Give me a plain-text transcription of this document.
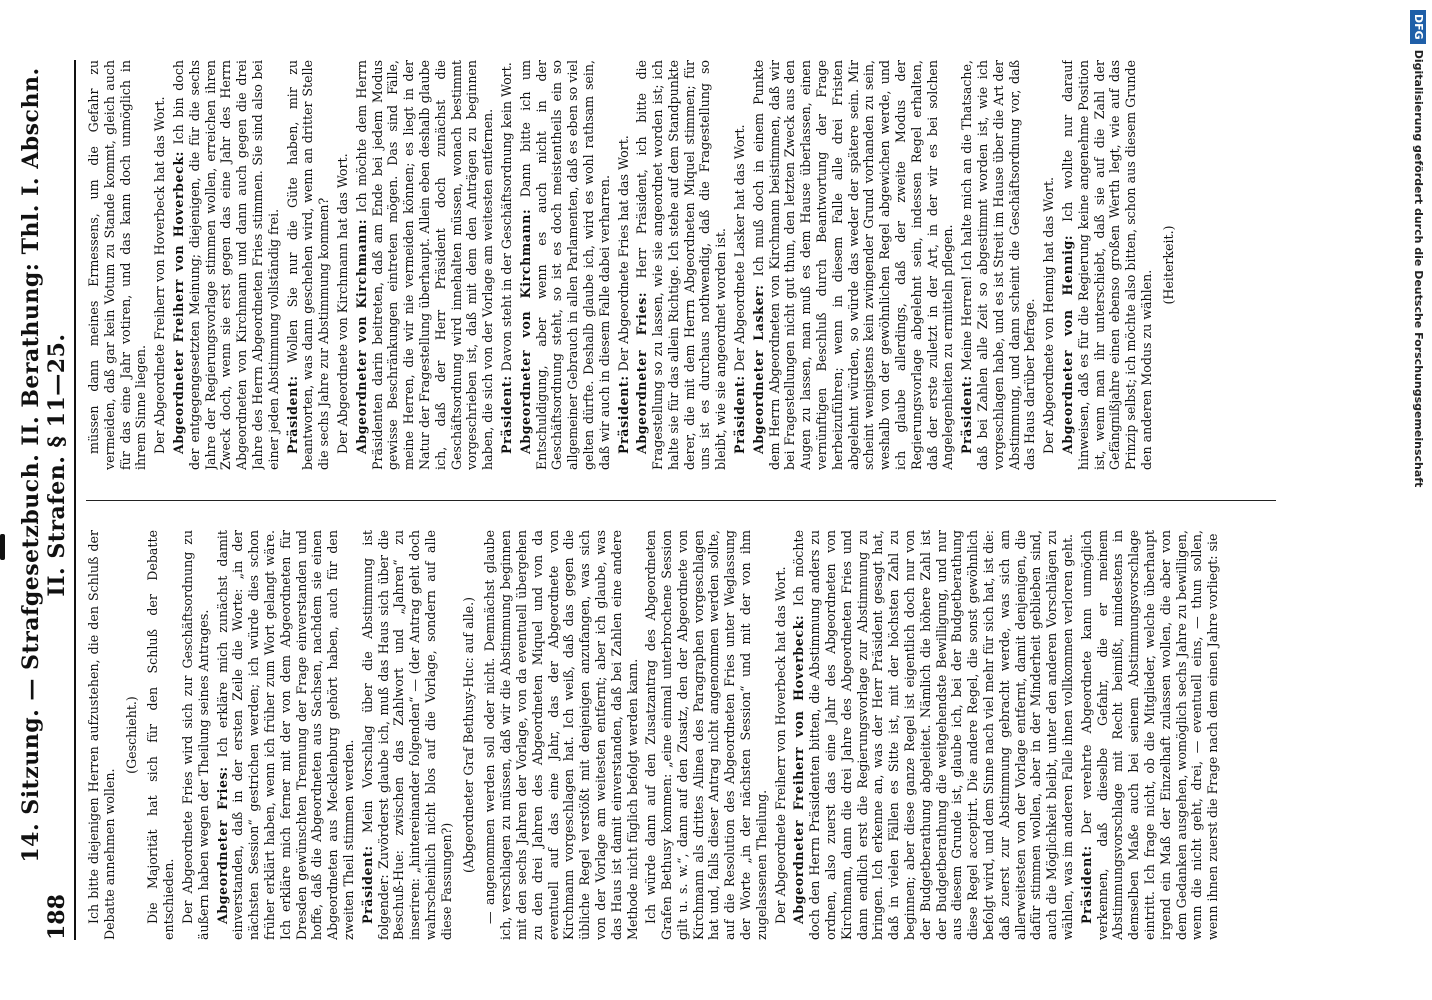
188
14. Sitzung. — Strafgesetzbuch. II. Berathung: Thl. I. Abschn. II. Strafen. § 11—25.

Ich bitte diejenigen Herren aufzustehen, die den Schluß der Debatte annehmen wollen.

(Geschieht.) Die Majorität hat sich für den Schluß der Debatte entschieden. Der Abgeordnete Fries wird sich zur Geschäftsordnung zu äußern haben wegen der Theilung seines Antrages. Abgeordneter Fries: Ich erkläre mich zunächst damit einverstanden, daß in der ersten Zeile die Worte: „in der nächsten Session“ gestrichen werden; ich würde dies schon früher erklärt haben, wenn ich früher zum Wort gelangt wäre. Ich erkläre mich ferner mit der von dem Abgeordneten für Dresden gewünschten Trennung der Frage einverstanden und hoffe, daß die Abgeordneten aus Sachsen, nachdem sie einen Abgeordneten aus Mecklenburg gehört haben, auch für den zweiten Theil stimmen werden. Präsident: Mein Vorschlag über die Abstimmung ist folgender: Zuvörderst glaube ich, muß das Haus sich über die Beschuß-Hue: zwischen das Zahlwort und „Jahren“ zu inseriren: „hintereinander folgenden“ — (der Antrag geht doch wahrscheinlich nicht blos auf die Vorlage, sondern auf alle diese Fassungen?)

(Abgeordneter Graf Bethusy-Huc: auf alle.) — angenommen werden soll oder nicht. Demnächst glaube ich, verschlagen zu müssen, daß wir die Abstimmung beginnen mit den sechs Jahren der Vorlage, von da eventuell übergehen zu den drei Jahren des Abgeordneten Miquel und von da eventuell auf das eine Jahr, das der Abgeordnete von Kirchmann vorgeschlagen hat. Ich weiß, daß das gegen die übliche Regel verstößt mit denjenigen anzufangen, was sich von der Vorlage am weitesten entfernt; aber ich glaube, was das Haus ist damit einverstanden, daß bei Zahlen eine andere Methode nicht füglich befolgt werden kann. Ich würde dann auf den Zusatzantrag des Abgeordneten Grafen Bethusy kommen: „eine einmal unterbrochene Session gilt u. s. w.“, dann auf den Zusatz, den der Abgeordnete von Kirchmann als drittes Alinea des Paragraphen vorgeschlagen hat und, falls dieser Antrag nicht angenommen werden sollte, auf die Resolution des Abgeordneten Fries unter Weglassung der Worte „in der nächsten Session“ und mit der von ihm zugelassenen Theilung. Der Abgeordnete Freiherr von Hoverbeck hat das Wort. Abgeordneter Freiherr von Hoverbeck: Ich möchte doch den Herrn Präsidenten bitten, die Abstimmung anders zu ordnen, also zuerst das eine Jahr des Abgeordneten von Kirchmann, dann die drei Jahre des Abgeordneten Fries und dann endlich erst die Regierungsvorlage zur Abstimmung zu bringen. Ich erkenne an, was der Herr Präsident gesagt hat, daß in vielen Fällen es Sitte ist, mit der höchsten Zahl zu beginnen; aber diese ganze Regel ist eigentlich doch nur von der Budgetberathung abgeleitet. Nämlich die höhere Zahl ist der Budgetberathung die weitgehendste Bewilligung, und nur aus diesem Grunde ist, glaube ich, bei der Budgetberathung diese Regel acceptirt. Die andere Regel, die sonst gewöhnlich befolgt wird, und dem Sinne nach viel mehr für sich hat, ist die: daß zuerst zur Abstimmung gebracht werde, was sich am allerweitesten von der Vorlage entfernt, damit denjenigen, die dafür stimmen wollen, aber in der Minderheit geblieben sind, auch die Möglichkeit bleibt, unter den anderen Vorschlägen zu wählen, was im anderen Falle ihnen vollkommen verloren geht. Präsident: Der verehrte Abgeordnete kann unmöglich verkennen, daß dieselbe Gefahr, die er meinem Abstimmungsvorschlage mit Recht beimißt, mindestens in demselben Maße auch bei seinem Abstimmungsvorschlage eintritt. Ich frage nicht, ob die Mitglieder, welche überhaupt irgend ein Maß der Einzelhaft zulassen wollen, die aber von dem Gedanken ausgehen, womöglich sechs Jahre zu bewilligen, wenn die nicht geht, drei, — eventuell eins, — thun sollen, wenn ihnen zuerst die Frage nach dem einen Jahre vorliegt: sie

müssen dann meines Ermessens, um die Gefahr zu vermeiden, daß gar kein Votum zu Stande kommt, gleich auch für das eine Jahr votiren, und das kann doch unmöglich in ihrem Sinne liegen. Der Abgeordnete Freiherr von Hoverbeck hat das Wort. Abgeordneter Freiherr von Hoverbeck: Ich bin doch der entgegengesetzten Meinung; diejenigen, die für die sechs Jahre der Regierungsvorlage stimmen wollen, erreichen ihren Zweck doch, wenn sie erst gegen das eine Jahr des Herrn Abgeordneten von Kirchmann und dann auch gegen die drei Jahre des Herrn Abgeordneten Fries stimmen. Sie sind also bei einer jeden Abstimmung vollständig frei. Präsident: Wollen Sie nur die Güte haben, mir zu beantworten, was dann geschehen wird, wenn an dritter Stelle die sechs Jahre zur Abstimmung kommen? Der Abgeordnete von Kirchmann hat das Wort. Abgeordneter von Kirchmann: Ich möchte dem Herrn Präsidenten darin beitreten, daß am Ende bei jedem Modus gewisse Beschränkungen eintreten mögen. Das sind Fälle, meine Herren, die wir nie vermeiden können; es liegt in der Natur der Fragestellung überhaupt. Allein eben deshalb glaube ich, daß der Herr Präsident doch zunächst die Geschäftsordnung wird innehalten müssen, wonach bestimmt vorgeschrieben ist, daß mit dem den Anträgen zu beginnen haben, die sich von der Vorlage am weitesten entfernen. Präsident: Davon steht in der Geschäftsordnung kein Wort. Abgeordneter von Kirchmann: Dann bitte ich um Entschuldigung, aber wenn es auch nicht in der Geschäftsordnung steht, so ist es doch meistentheils ein so allgemeiner Gebrauch in allen Parlamenten, daß es eben so viel gelten dürfte. Deshalb glaube ich, wird es wohl rathsam sein, daß wir auch in diesem Falle dabei verharren. Präsident: Der Abgeordnete Fries hat das Wort.

Abgeordneter Fries: Herr Präsident, ich bitte die Fragestellung so zu lassen, wie sie angeordnet worden ist; ich halte sie für das allein Richtige. Ich stehe auf dem Standpunkte derer, die mit dem Herrn Abgeordneten Miquel stimmen; für uns ist es durchaus nothwendig, daß die Fragestellung so bleibt, wie sie angeordnet worden ist. Präsident: Der Abgeordnete Lasker hat das Wort. Abgeordneter Lasker: Ich muß doch in einem Punkte dem Herrn Abgeordneten von Kirchmann beistimmen, daß wir bei Fragestellungen nicht gut thun, den letzten Zweck aus den Augen zu lassen, man muß es dem Hause überlassen, einen vernünftigen Beschluß durch Beantwortung der Frage herbeizuführen; wenn in diesem Falle alle drei Fristen abgelehnt würden, so würde das weder der spätere sein. Mir scheint wenigstens kein zwingender Grund vorhanden zu sein, weshalb von der gewöhnlichen Regel abgewichen werde, und ich glaube allerdings, daß der zweite Modus der Regierungsvorlage abgelehnt sein, indessen Regel erhalten, daß der erste zuletzt in der Art, in der wir es bei solchen Angelegenheiten zu ermitteln pflegen. Präsident: Meine Herren! Ich halte mich an die Thatsache, daß bei Zahlen alle Zeit so abgestimmt worden ist, wie ich vorgeschlagen habe, und es ist Streit im Hause über die Art der Abstimmung, und dann scheint die Geschäftsordnung vor, daß das Haus darüber befrage. Der Abgeordnete von Hennig hat das Wort. Abgeordneter von Hennig: Ich wollte nur darauf hinweisen, daß es für die Regierung keine angenehme Position ist, wenn man ihr unterschiebt, daß sie auf die Zahl der Gefängnißjahre einen ebenso großen Werth legt, wie auf das Prinzip selbst; ich möchte also bitten, schon aus diesem Grunde den anderen Modus zu wählen.

(Heiterkeit.)

DFGDigitalisierung gefördert durch die Deutsche Forschungsgemeinschaft
